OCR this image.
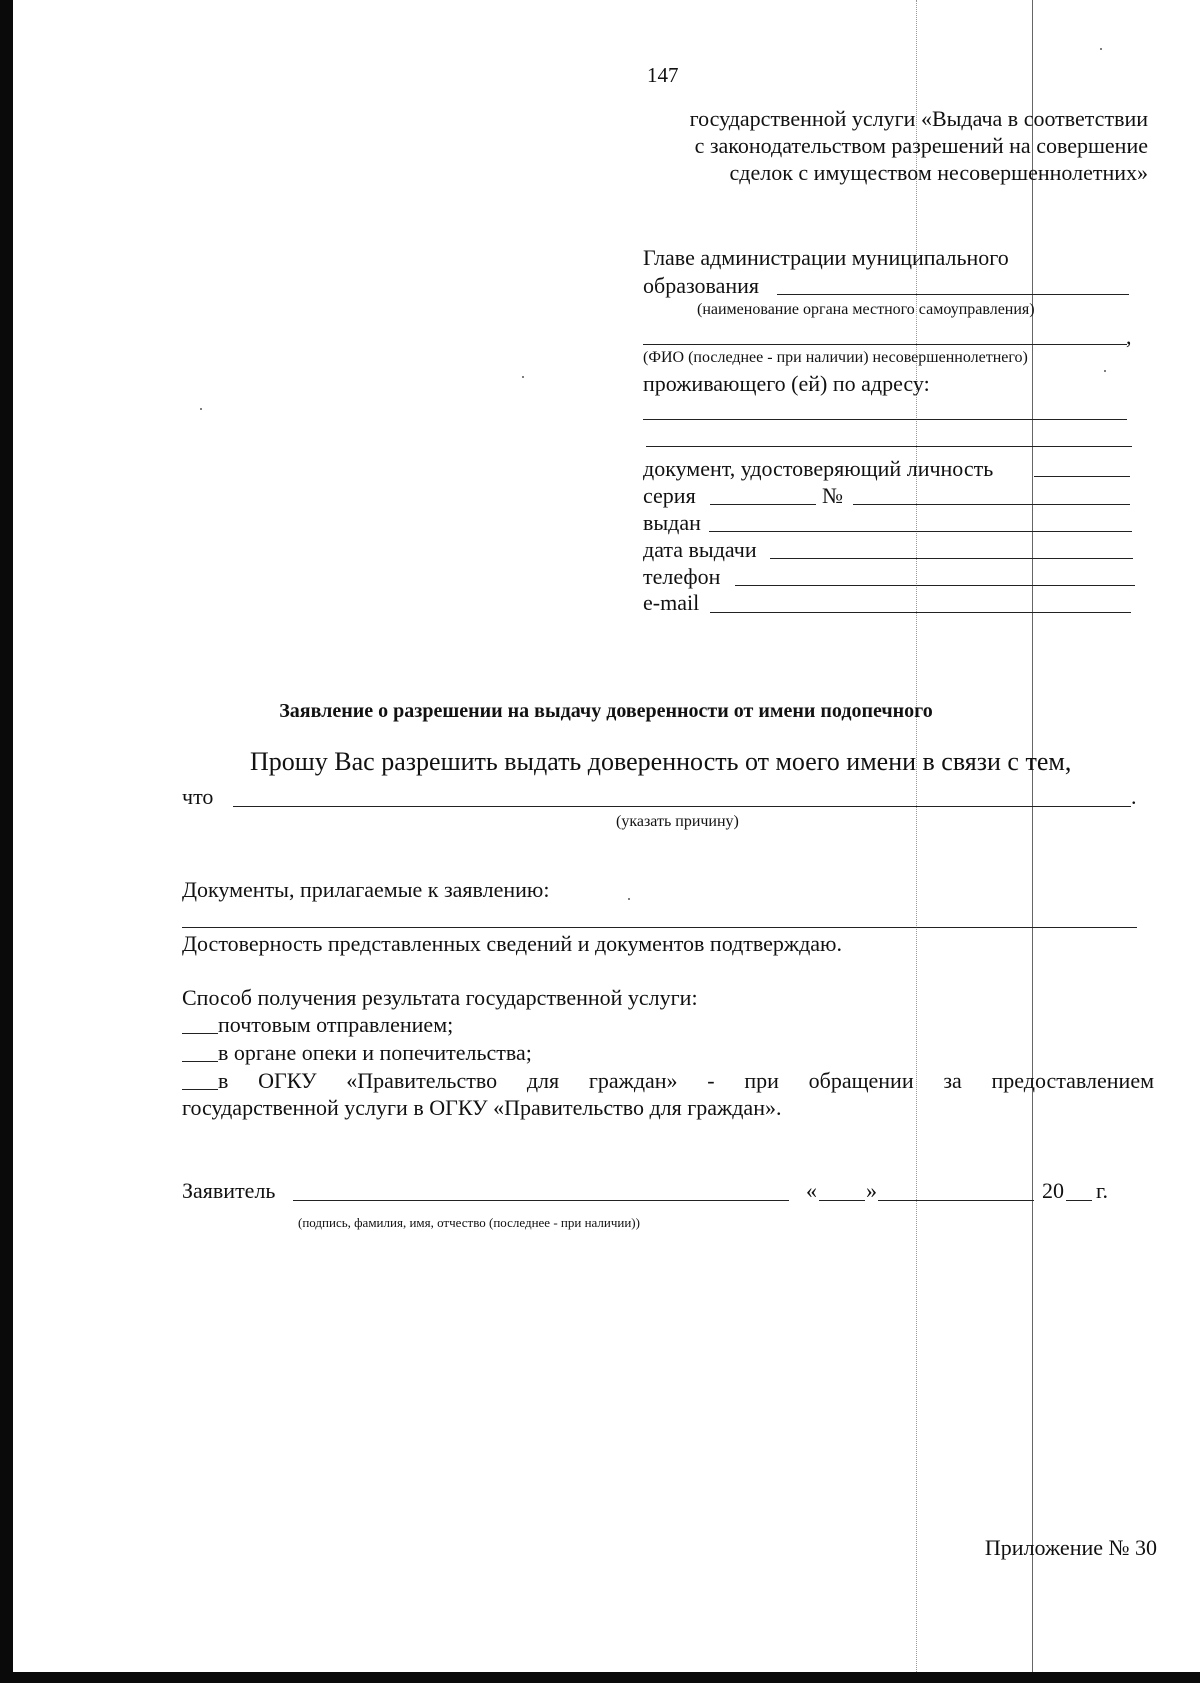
147
государственной услуги «Выдача в соответствии
с законодательством разрешений на совершение
сделок с имуществом несовершеннолетних»
Главе администрации муниципального
образования
(наименование органа местного самоуправления)
,
(ФИО (последнее - при наличии) несовершеннолетнего)
проживающего (ей) по адресу:
документ, удостоверяющий личность
серия	№
выдан
дата выдачи
телефон
e-mail
Заявление о разрешении на выдачу доверенности от имени подопечного
Прошу Вас разрешить выдать доверенность от моего имени в связи с тем,
что	.
(указать причину)
Документы, прилагаемые к заявлению:
Достоверность представленных сведений и документов подтверждаю.
Способ получения результата государственной услуги:
почтовым отправлением;
в органе опеки и попечительства;
в ОГКУ «Правительство для граждан» - при обращении за предоставлением
государственной услуги в ОГКУ «Правительство для граждан».
Заявитель	« »	20 г.
(подпись, фамилия, имя, отчество (последнее - при наличии))
Приложение № 30
